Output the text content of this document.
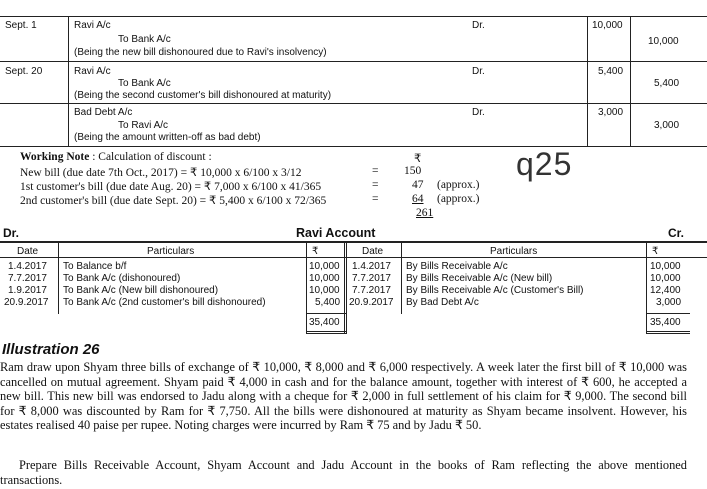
Sept. 1	Ravi A/c
To Bank A/c
(Being the new bill dishonoured due to Ravi's insolvency)
Dr.	10,000
10,000
Sept. 20	Ravi A/c
To Bank A/c
(Being the second customer's bill dishonoured at maturity)
Dr.	5,400
5,400
Bad Debt A/c
To Ravi A/c
(Being the amount written-off as bad debt)
Dr.	3,000
3,000
Working Note : Calculation of discount :	₹
New bill (due date 7th Oct., 2017) = ₹ 10,000 x 6/100 x 3/12	= 150
1st customer's bill (due date Aug. 20) = ₹ 7,000 x 6/100 x 41/365	=	47 (approx.)
2nd customer's bill (due date Sept. 20) = ₹ 5,400 x 6/100 x 72/365	=	64 (approx.)
261
q25
Dr.	Ravi Account	Cr.
Date	Particulars	₹	Date	Particulars	₹
1.4.2017 To Balance b/f	10,000
7.7.2017 To Bank A/c (dishonoured)	10,000
1.9.2017 To Bank A/c (New bill dishonoured)	10,000
20.9.2017 To Bank A/c (2nd customer's bill dishonoured)	5,400
35,400
1.4.2017 By Bills Receivable A/c	10,000
7.7.2017 By Bills Receivable A/c (New bill)	10,000
7.7.2017 By Bills Receivable A/c (Customer's Bill)	12,400
20.9.2017 By Bad Debt A/c	3,000
35,400
Illustration 26
Ram draw upon Shyam three bills of exchange of ₹ 10,000, ₹ 8,000 and ₹ 6,000 respectively. A week later the first bill of ₹ 10,000 was cancelled on mutual agreement. Shyam paid ₹ 4,000 in cash and for the balance amount, together with interest of ₹ 600, he accepted a new bill. This new bill was endorsed to Jadu along with a cheque for ₹ 2,000 in full settlement of his claim for ₹ 9,000. The second bill for ₹ 8,000 was discounted by Ram for ₹ 7,750. All the bills were dishonoured at maturity as Shyam became insolvent. However, his estates realised 40 paise per rupee. Noting charges were incurred by Ram ₹ 75 and by Jadu ₹ 50.
Prepare Bills Receivable Account, Shyam Account and Jadu Account in the books of Ram reflecting the above mentioned transactions.
